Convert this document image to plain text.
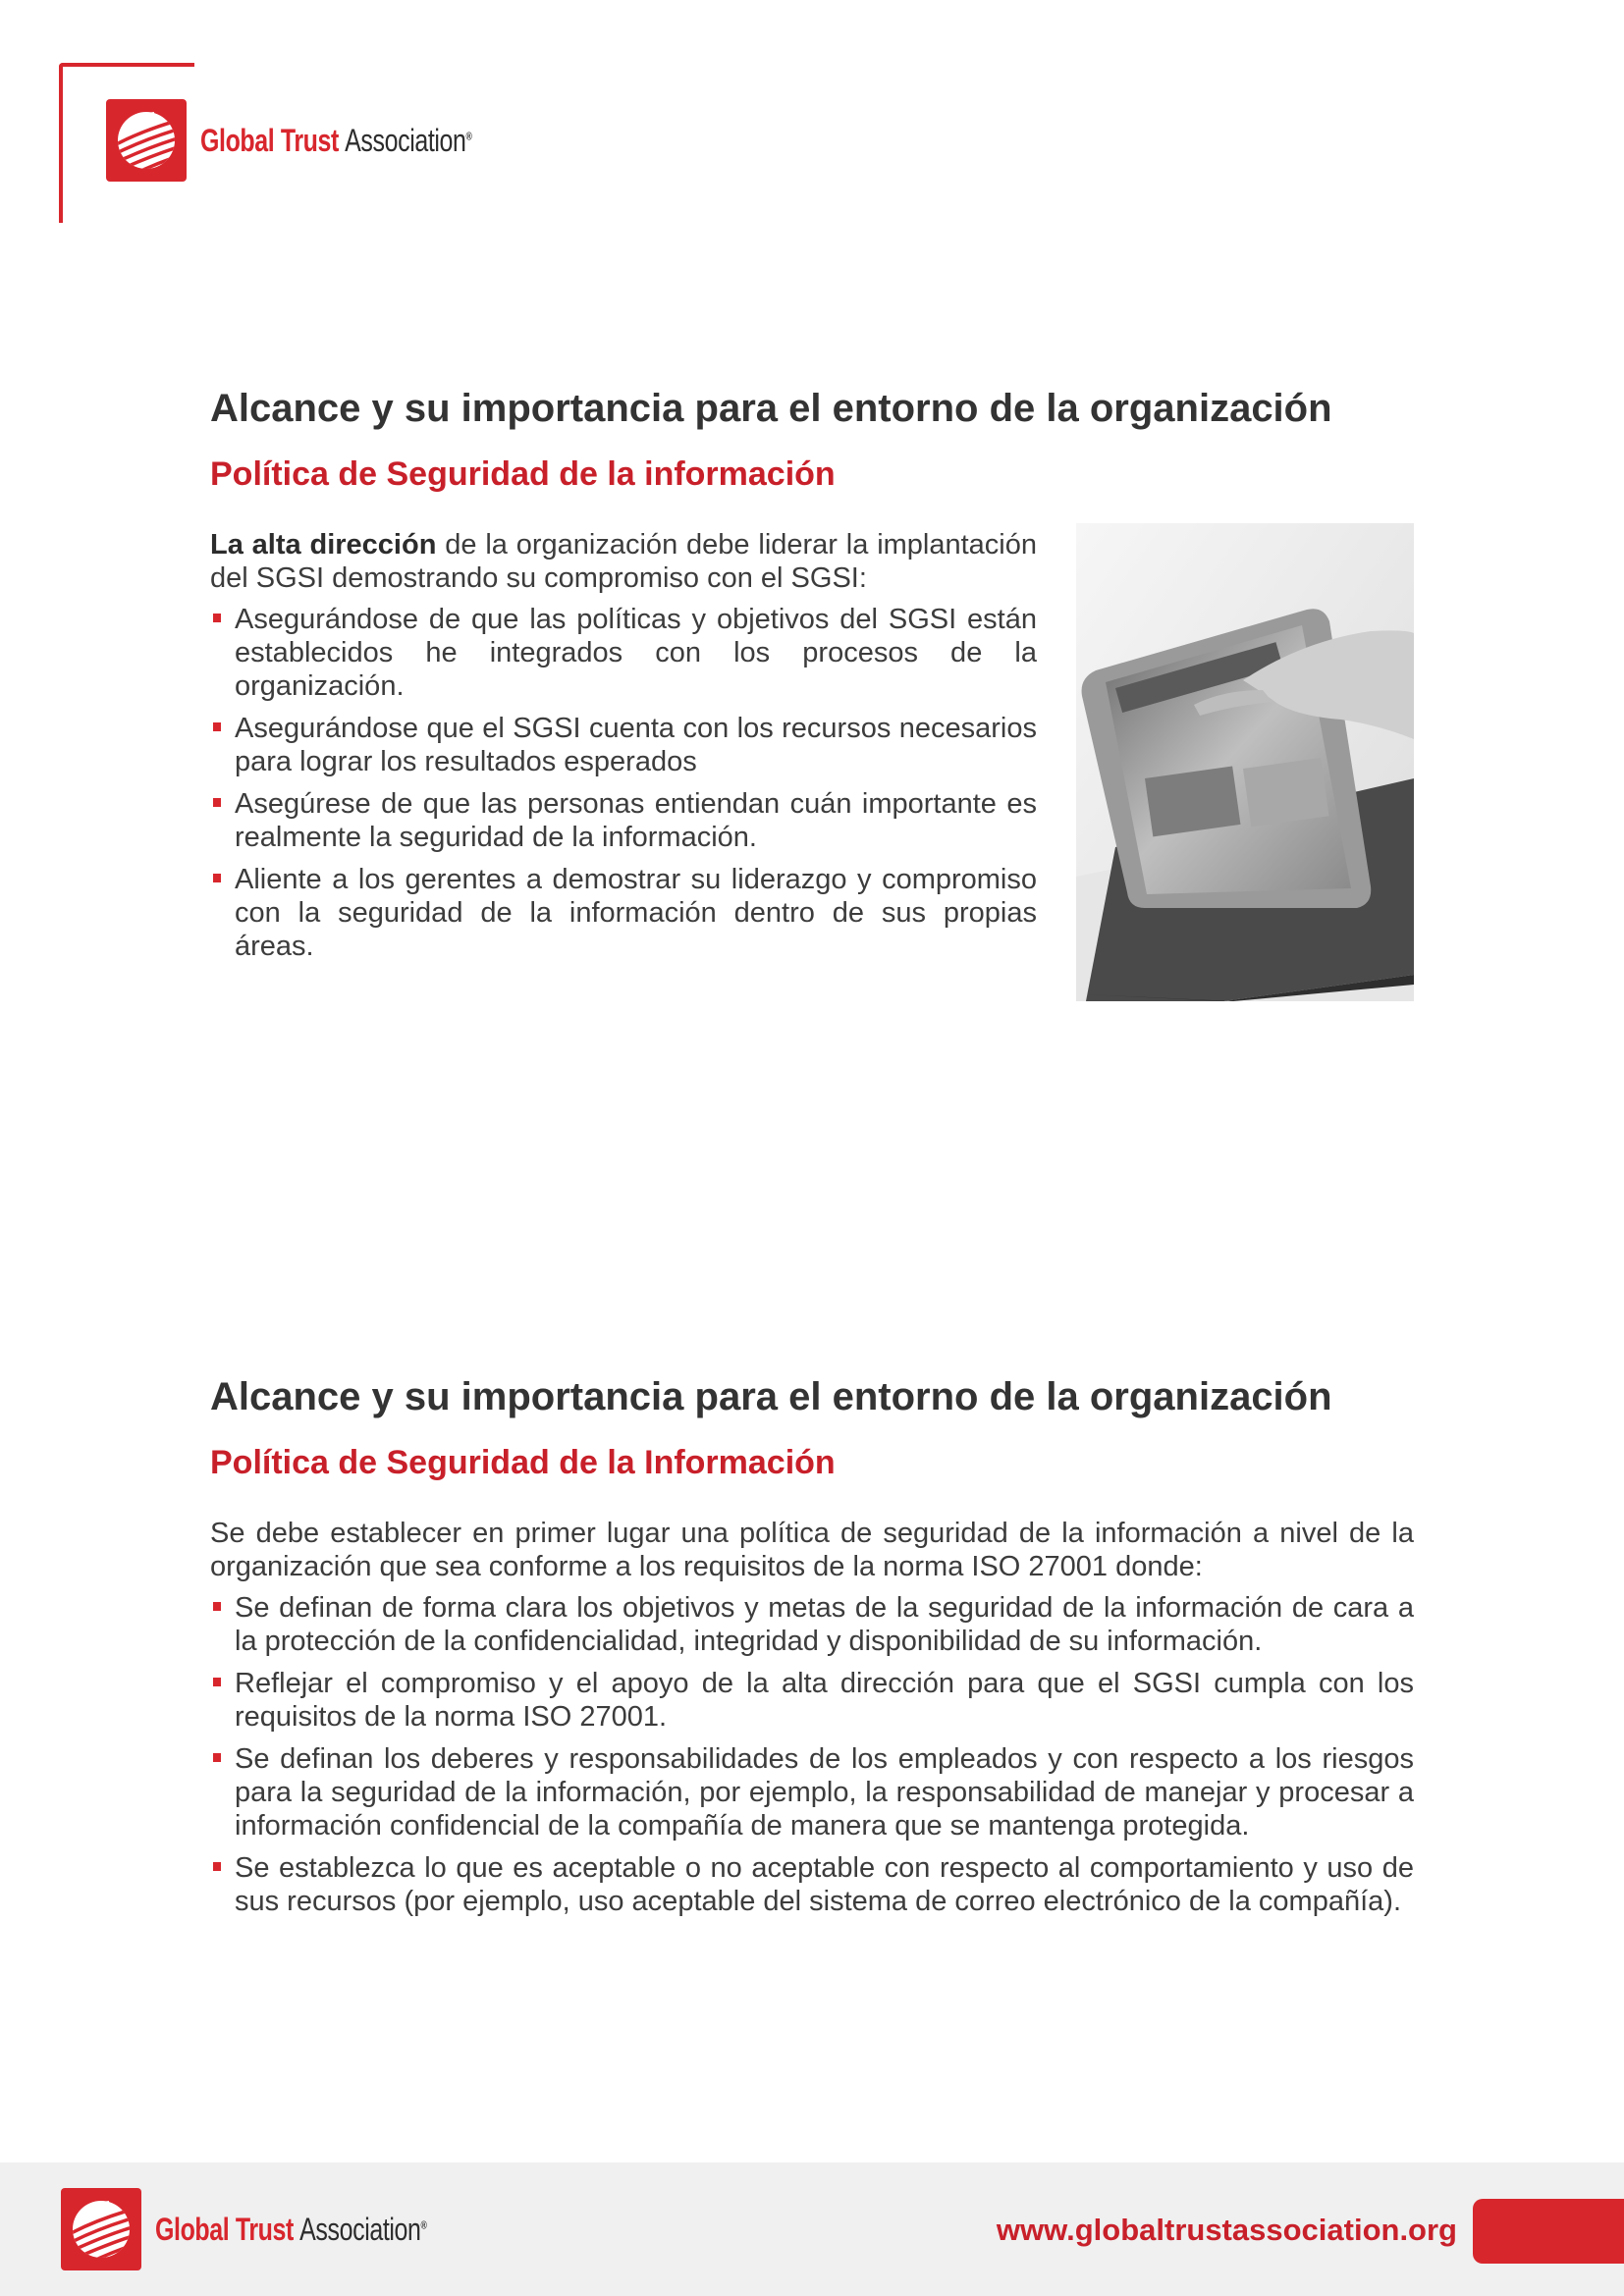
Global Trust Association®
Alcance y su importancia para el entorno de la organización
Política de Seguridad de la información
La alta dirección de la organización debe liderar la implantación del SGSI demostrando su compromiso con el SGSI:
Asegurándose de que las políticas y objetivos del SGSI están establecidos he integrados con los procesos de la organización.
Asegurándose que el SGSI cuenta con los recursos necesarios para lograr los resultados esperados
Asegúrese de que las personas entiendan cuán importante es realmente la seguridad de la información.
Aliente a los gerentes a demostrar su liderazgo y compromiso con la seguridad de la información dentro de sus propias áreas.
Alcance y su importancia para el entorno de la organización
Política de Seguridad de la Información
Se debe establecer en primer lugar una política de seguridad de la información a nivel de la organización que sea conforme a los requisitos de la norma ISO 27001 donde:
Se definan de forma clara los objetivos y metas de la seguridad de la información de cara a la protección de la confidencialidad, integridad y disponibilidad de su información.
Reflejar el compromiso y el apoyo de la alta dirección para que el SGSI cumpla con los requisitos de la norma ISO 27001.
Se definan los deberes y responsabilidades de los empleados y con respecto a los riesgos para la seguridad de la información, por ejemplo, la responsabilidad de manejar y procesar a información confidencial de la compañía de manera que se mantenga protegida.
Se establezca lo que es aceptable o no aceptable con respecto al comportamiento y uso de sus recursos (por ejemplo, uso aceptable del sistema de correo electrónico de la compañía).
Global Trust Association®	www.globaltrustassociation.org
